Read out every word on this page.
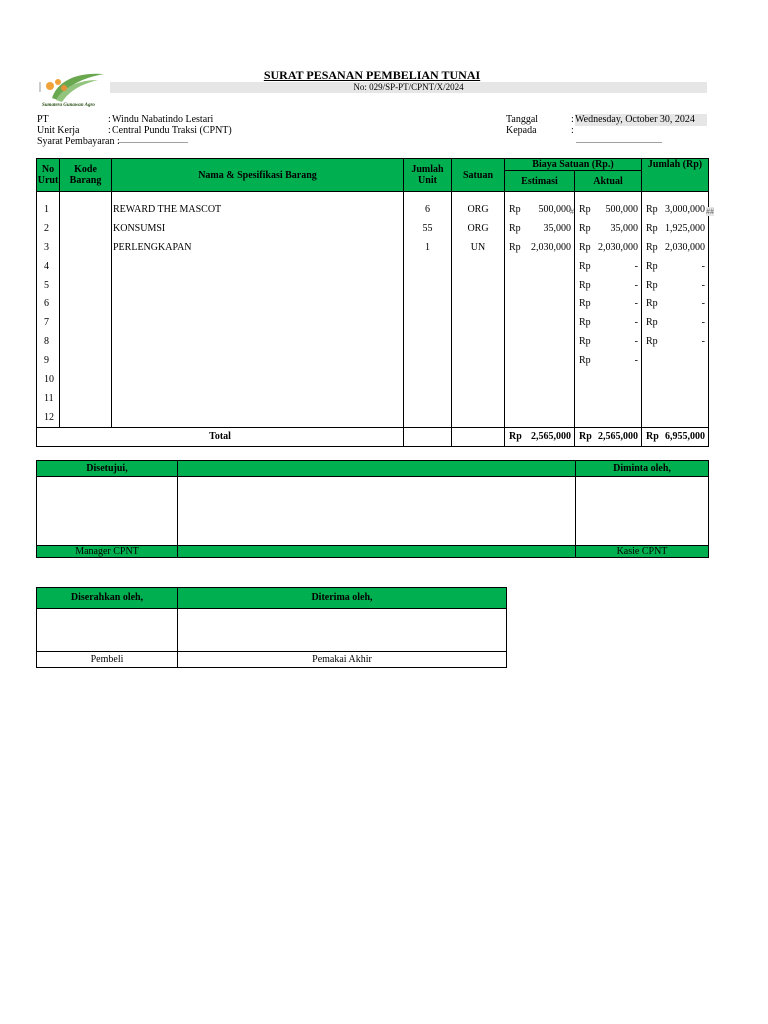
Sumatera Gunawan Agro
SURAT PESANAN PEMBELIAN TUNAI
No: 029/SP-PT/CPNT/X/2024
PT	: Windu Nabatindo Lestari
Unit Kerja	: Central Pundu Traksi (CPNT)
Syarat Pembayaran :
...................................
Tanggal	: Wednesday, October 30, 2024
Kepada	:
...........................................
No Urut	Kode Barang	Nama & Spesifikasi Barang	Jumlah Unit	Satuan	Biaya Satuan (Rp.)		Jumlah (Rp)
					Estimasi	Aktual	

1		REWARD THE MASCOT	6	ORG	Rp 500,000	Rp 500,000	Rp 3,000,000

2		KONSUMSI	55	ORG	Rp 35,000	Rp 35,000	Rp 1,925,000

3		PERLENGKAPAN	1	UN	Rp 2,030,000	Rp 2,030,000	Rp 2,030,000

4						Rp -	Rp -

5						Rp -	Rp -

6						Rp -	Rp -

7						Rp -	Rp -

8						Rp -	Rp -

9						Rp -	

10					

11					

12					

Total					Rp 2,565,000	Rp 2,565,000	Rp 6,955,000
Disetujui,	Diminta oleh,
Manager CPNT	Kasie CPNT
Diserahkan oleh,	Diterima oleh,
Pembeli	Pemakai Akhir
#	##
